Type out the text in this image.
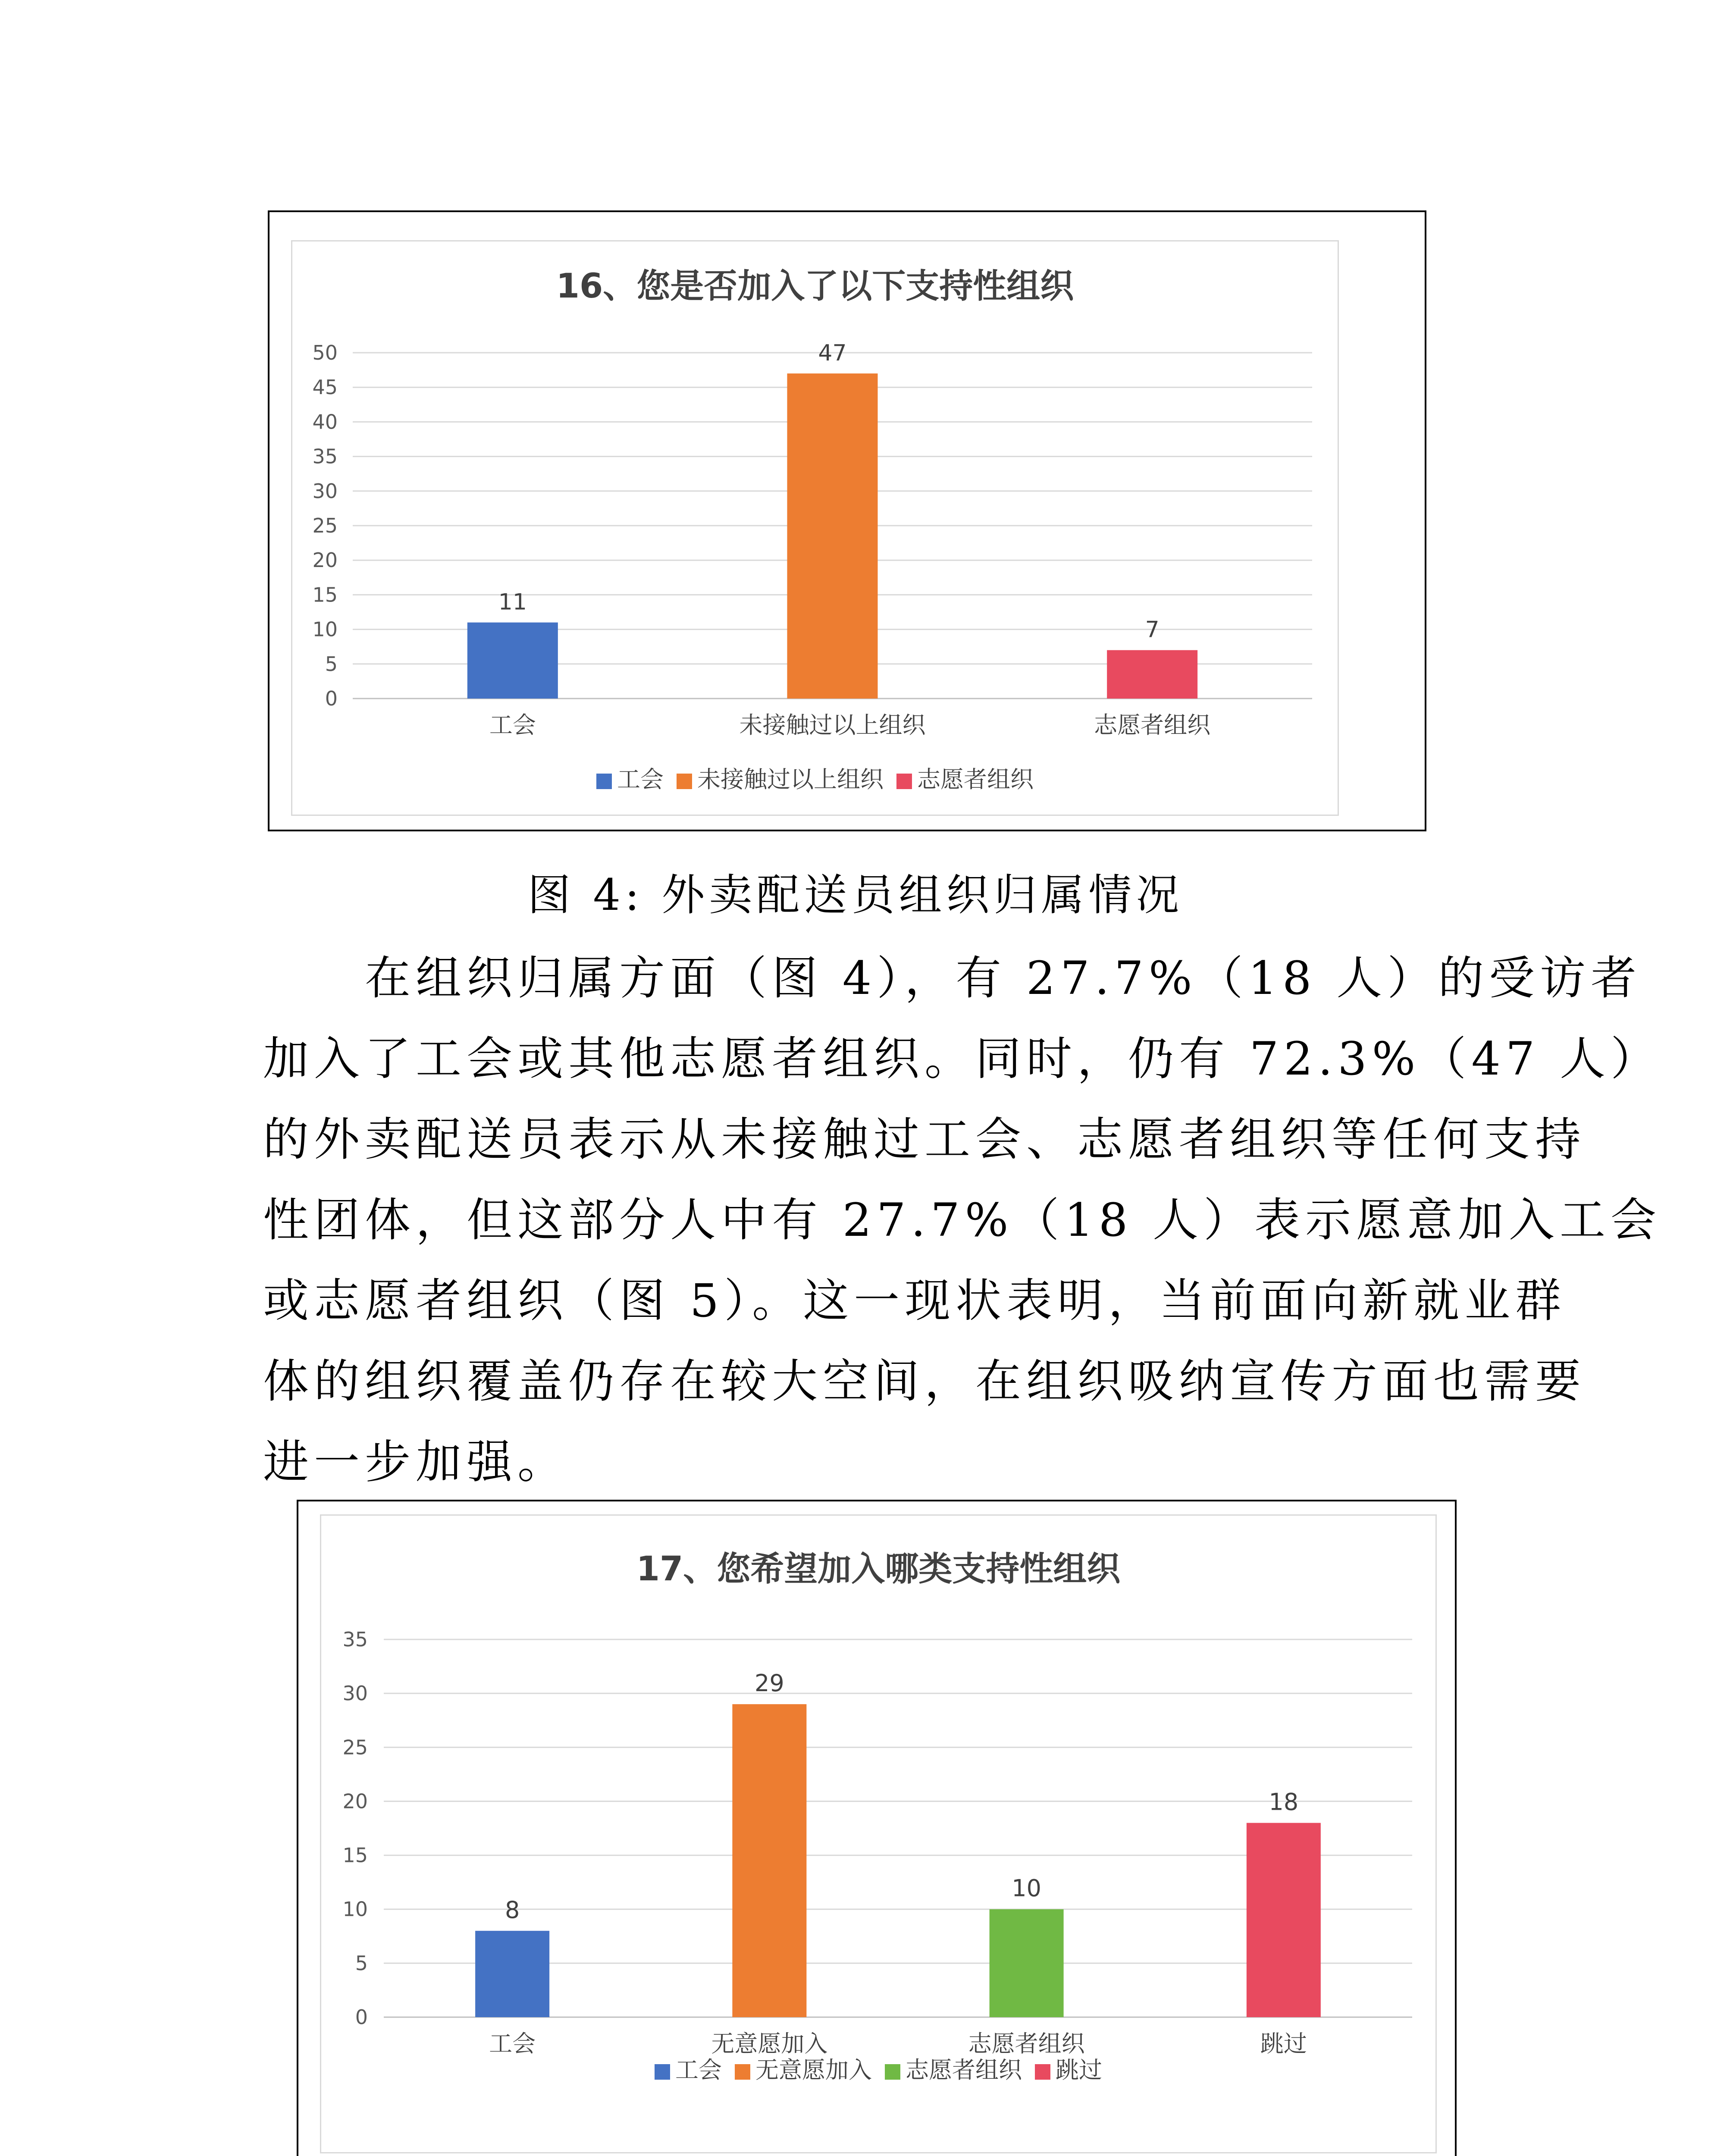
16、您是否加入了以下支持性组织
0
5
10
15
20
25
30
35
40
45
50
11
工会
47
未接触过以上组织
7
志愿者组织
工会 未接触过以上组织 志愿者组织
图 4: 外卖配送员组织归属情况
　　在组织归属方面（图 4），有 27.7%（18 人）的受访者
加入了工会或其他志愿者组织。同时，仍有 72.3%（47 人）
的外卖配送员表示从未接触过工会、志愿者组织等任何支持
性团体，但这部分人中有 27.7%（18 人）表示愿意加入工会
或志愿者组织（图 5）。这一现状表明，当前面向新就业群
体的组织覆盖仍存在较大空间，在组织吸纳宣传方面也需要
进一步加强。
17、您希望加入哪类支持性组织
0
5
10
15
20
25
30
35
8
工会
29
无意愿加入
10
志愿者组织
18
跳过
工会 无意愿加入 志愿者组织 跳过
